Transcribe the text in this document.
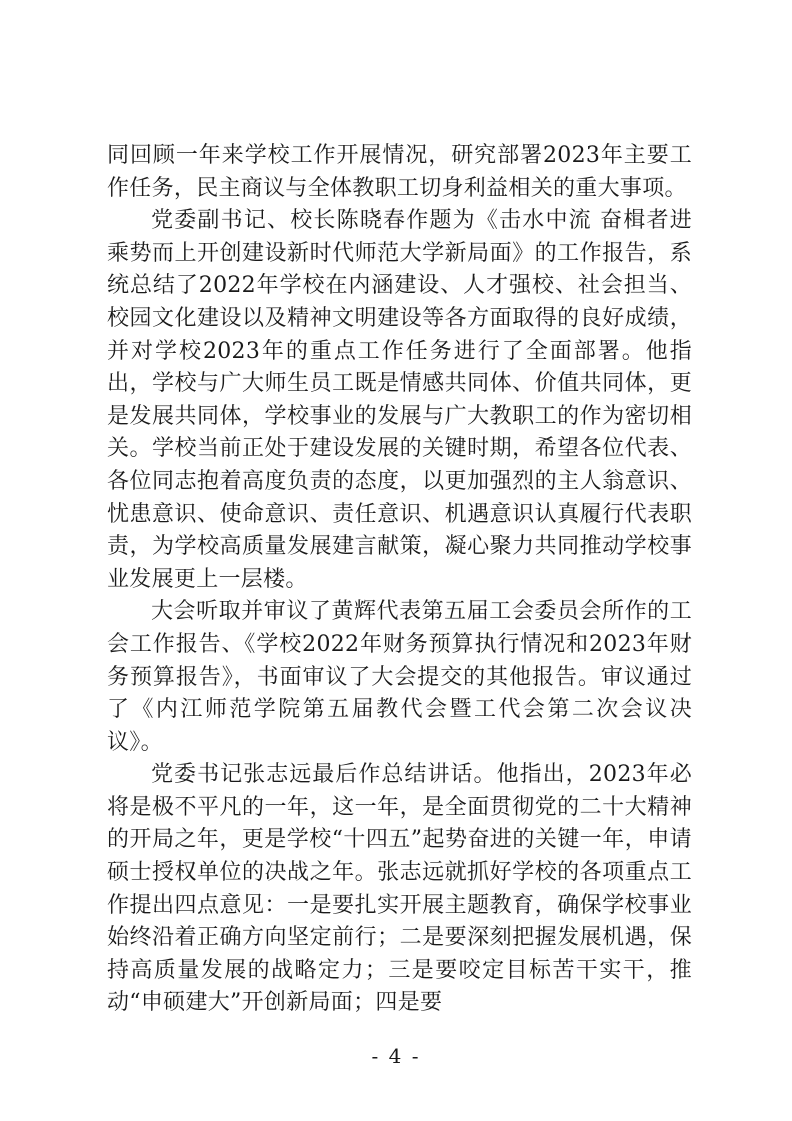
同回顾一年来学校工作开展情况，研究部署2023年主要工作任务，民主商议与全体教职工切身利益相关的重大事项。

党委副书记、校长陈晓春作题为《击水中流 奋楫者进 乘势而上开创建设新时代师范大学新局面》的工作报告，系统总结了2022年学校在内涵建设、人才强校、社会担当、校园文化建设以及精神文明建设等各方面取得的良好成绩，并对学校2023年的重点工作任务进行了全面部署。他指出，学校与广大师生员工既是情感共同体、价值共同体，更是发展共同体，学校事业的发展与广大教职工的作为密切相关。学校当前正处于建设发展的关键时期，希望各位代表、各位同志抱着高度负责的态度，以更加强烈的主人翁意识、忧患意识、使命意识、责任意识、机遇意识认真履行代表职责，为学校高质量发展建言献策，凝心聚力共同推动学校事业发展更上一层楼。

大会听取并审议了黄辉代表第五届工会委员会所作的工会工作报告、《学校2022年财务预算执行情况和2023年财务预算报告》，书面审议了大会提交的其他报告。审议通过了《内江师范学院第五届教代会暨工代会第二次会议决议》。

党委书记张志远最后作总结讲话。他指出，2023年必将是极不平凡的一年，这一年，是全面贯彻党的二十大精神的开局之年，更是学校“十四五”起势奋进的关键一年，申请硕士授权单位的决战之年。张志远就抓好学校的各项重点工作提出四点意见：一是要扎实开展主题教育，确保学校事业始终沿着正确方向坚定前行；二是要深刻把握发展机遇，保持高质量发展的战略定力；三是要咬定目标苦干实干，推动“申硕建大”开创新局面；四是要

- 4 -
